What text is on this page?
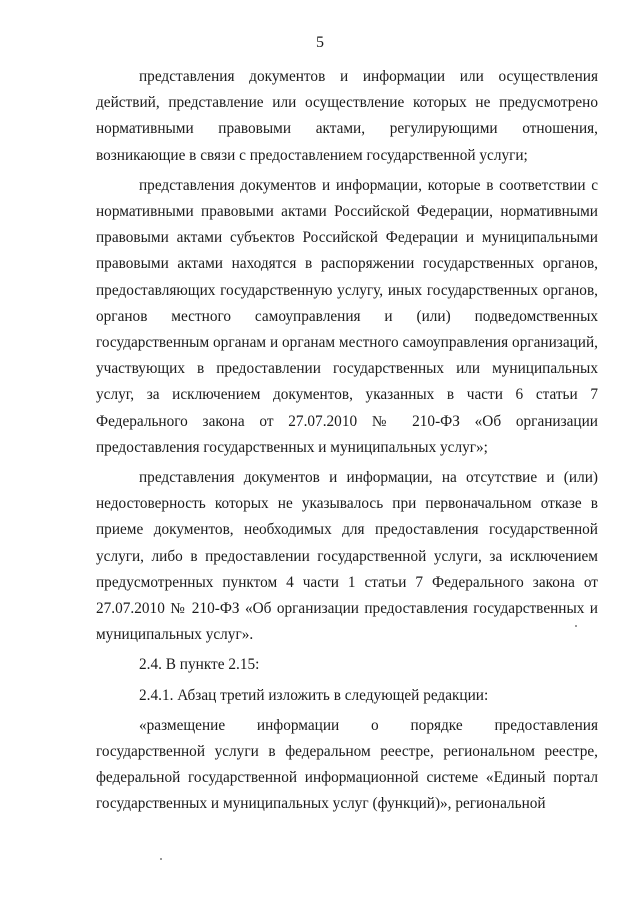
5

представления документов и информации или осуществления действий, представление или осуществление которых не предусмотрено нормативными правовыми актами, регулирующими отношения, возникающие в связи с предоставлением государственной услуги;

представления документов и информации, которые в соответствии с нормативными правовыми актами Российской Федерации, нормативными правовыми актами субъектов Российской Федерации и муниципальными правовыми актами находятся в распоряжении государственных органов, предоставляющих государственную услугу, иных государственных органов, органов местного самоуправления и (или) подведомственных государственным органам и органам местного самоуправления организаций, участвующих в предоставлении государственных или муниципальных услуг, за исключением документов, указанных в части 6 статьи 7 Федерального закона от 27.07.2010 № 210-ФЗ «Об организации предоставления государственных и муниципальных услуг»;

представления документов и информации, на отсутствие и (или) недостоверность которых не указывалось при первоначальном отказе в приеме документов, необходимых для предоставления государственной услуги, либо в предоставлении государственной услуги, за исключением предусмотренных пунктом 4 части 1 статьи 7 Федерального закона от 27.07.2010 № 210-ФЗ «Об организации предоставления государственных и муниципальных услуг».

2.4. В пункте 2.15:

2.4.1. Абзац третий изложить в следующей редакции:

«размещение информации о порядке предоставления государственной услуги в федеральном реестре, региональном реестре, федеральной государственной информационной системе «Единый портал государственных и муниципальных услуг (функций)», региональной
